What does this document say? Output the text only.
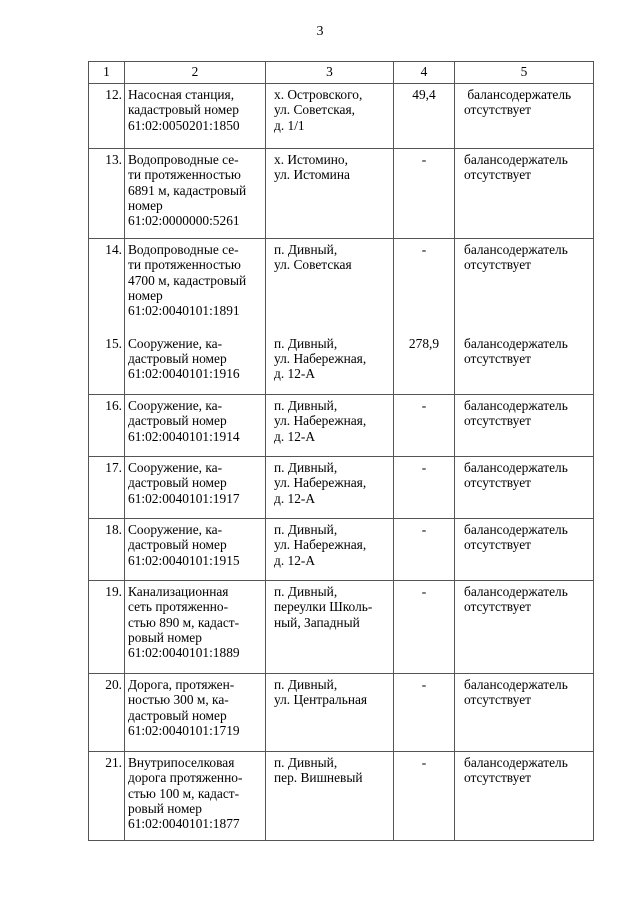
3
1	2	3	4	5
12.	Насосная станция,
кадастровый номер
61:02:0050201:1850	х. Островского,
ул. Советская,
д. 1/1	49,4	балансодержатель
отсутствует

13.	Водопроводные се-
ти протяженностью
6891 м, кадастровый
номер
61:02:0000000:5261	х. Истомино,
ул. Истомина	-	балансодержатель
отсутствует

14.	Водопроводные се-
ти протяженностью
4700 м, кадастровый
номер
61:02:0040101:1891	п. Дивный,
ул. Советская	-	балансодержатель
отсутствует

15.	Сооружение, ка-
дастровый номер
61:02:0040101:1916	п. Дивный,
ул. Набережная,
д. 12-А	278,9	балансодержатель
отсутствует

16.	Сооружение, ка-
дастровый номер
61:02:0040101:1914	п. Дивный,
ул. Набережная,
д. 12-А	-	балансодержатель
отсутствует

17.	Сооружение, ка-
дастровый номер
61:02:0040101:1917	п. Дивный,
ул. Набережная,
д. 12-А	-	балансодержатель
отсутствует

18.	Сооружение, ка-
дастровый номер
61:02:0040101:1915	п. Дивный,
ул. Набережная,
д. 12-А	-	балансодержатель
отсутствует

19.	Канализационная
сеть протяженно-
стью 890 м, кадаст-
ровый номер
61:02:0040101:1889	п. Дивный,
переулки Школь-
ный, Западный	-	балансодержатель
отсутствует

20.	Дорога, протяжен-
ностью 300 м, ка-
дастровый номер
61:02:0040101:1719	п. Дивный,
ул. Центральная	-	балансодержатель
отсутствует

21.	Внутрипоселковая
дорога протяженно-
стью 100 м, кадаст-
ровый номер
61:02:0040101:1877	п. Дивный,
пер. Вишневый	-	балансодержатель
отсутствует
